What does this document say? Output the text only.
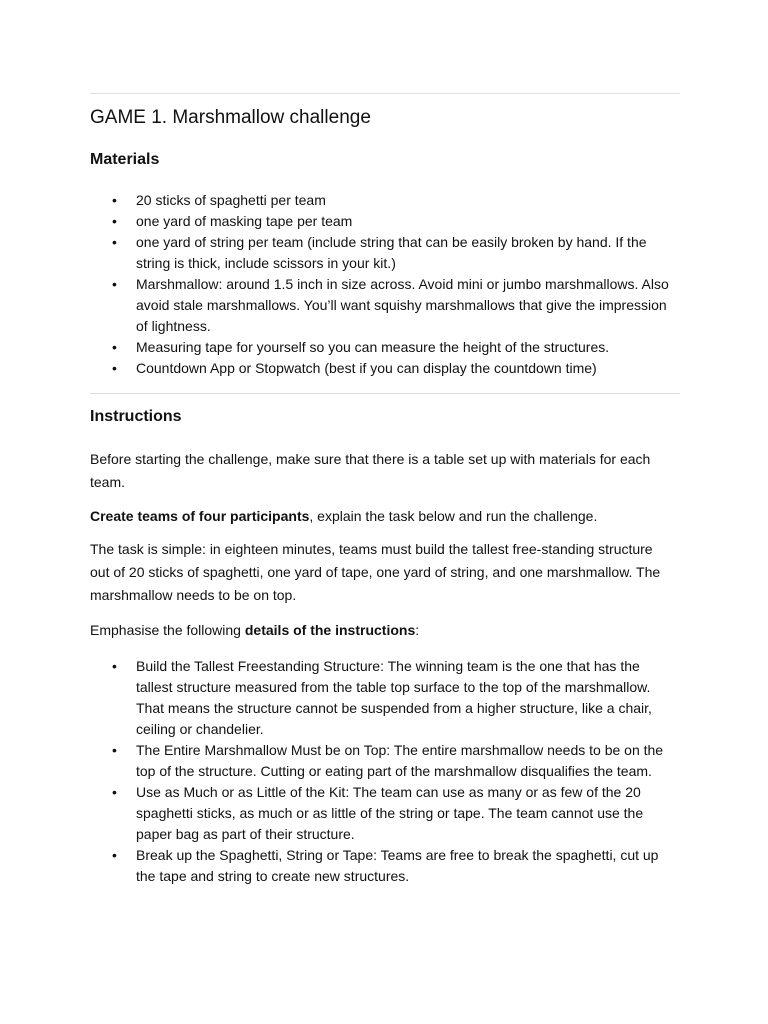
GAME 1. Marshmallow challenge
Materials
• 20 sticks of spaghetti per team
• one yard of masking tape per team
• one yard of string per team (include string that can be easily broken by hand. If the string is thick, include scissors in your kit.)
• Marshmallow: around 1.5 inch in size across. Avoid mini or jumbo marshmallows. Also avoid stale marshmallows. You’ll want squishy marshmallows that give the impression of lightness.
• Measuring tape for yourself so you can measure the height of the structures.
• Countdown App or Stopwatch (best if you can display the countdown time)
Instructions

Before starting the challenge, make sure that there is a table set up with materials for each team.

Create teams of four participants, explain the task below and run the challenge.

The task is simple: in eighteen minutes, teams must build the tallest free-standing structure out of 20 sticks of spaghetti, one yard of tape, one yard of string, and one marshmallow. The marshmallow needs to be on top.

Emphasise the following details of the instructions:

• Build the Tallest Freestanding Structure: The winning team is the one that has the tallest structure measured from the table top surface to the top of the marshmallow. That means the structure cannot be suspended from a higher structure, like a chair, ceiling or chandelier.
• The Entire Marshmallow Must be on Top: The entire marshmallow needs to be on the top of the structure. Cutting or eating part of the marshmallow disqualifies the team.
• Use as Much or as Little of the Kit: The team can use as many or as few of the 20 spaghetti sticks, as much or as little of the string or tape. The team cannot use the paper bag as part of their structure.
• Break up the Spaghetti, String or Tape: Teams are free to break the spaghetti, cut up the tape and string to create new structures.
